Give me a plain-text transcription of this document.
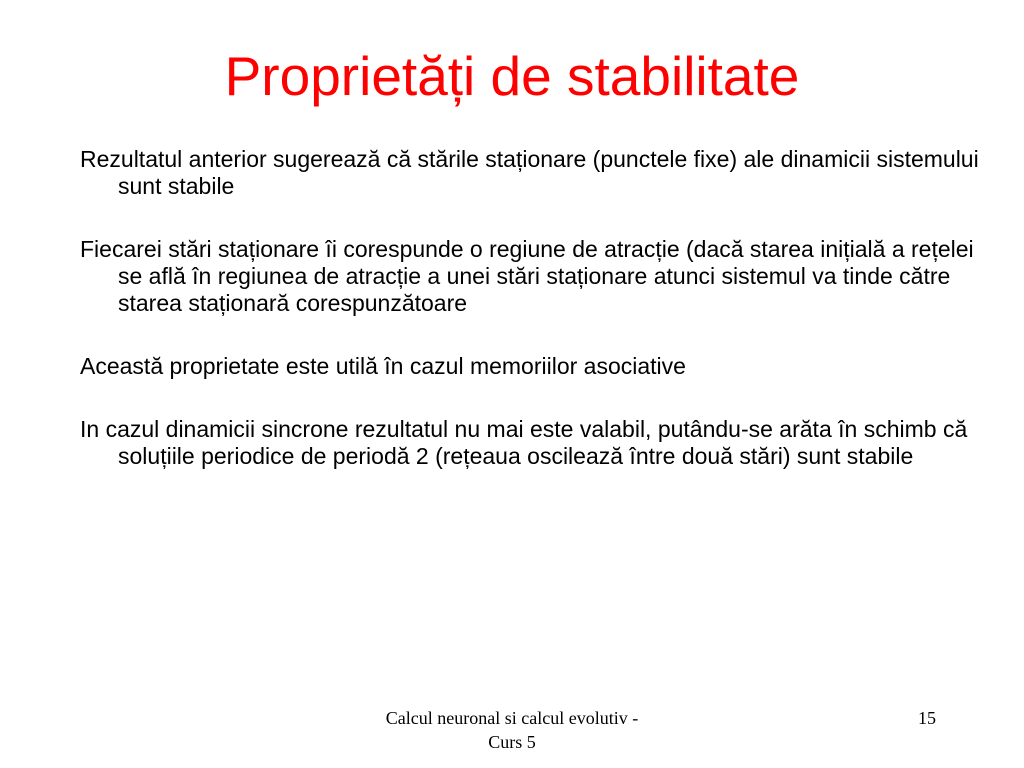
Proprietăți de stabilitate
Rezultatul anterior sugerează că stările staționare (punctele fixe) ale dinamicii sistemului sunt stabile
Fiecarei stări staționare îi corespunde o regiune de atracție (dacă starea inițială a rețelei se află în regiunea de atracție a unei stări staționare atunci sistemul va tinde către starea staționară corespunzătoare
Această proprietate este utilă în cazul memoriilor asociative
In cazul dinamicii sincrone rezultatul nu mai este valabil, putându-se arăta în schimb că soluțiile periodice de periodă 2 (rețeaua oscilează între două stări) sunt stabile
Calcul neuronal si calcul evolutiv -
Curs 5
15
